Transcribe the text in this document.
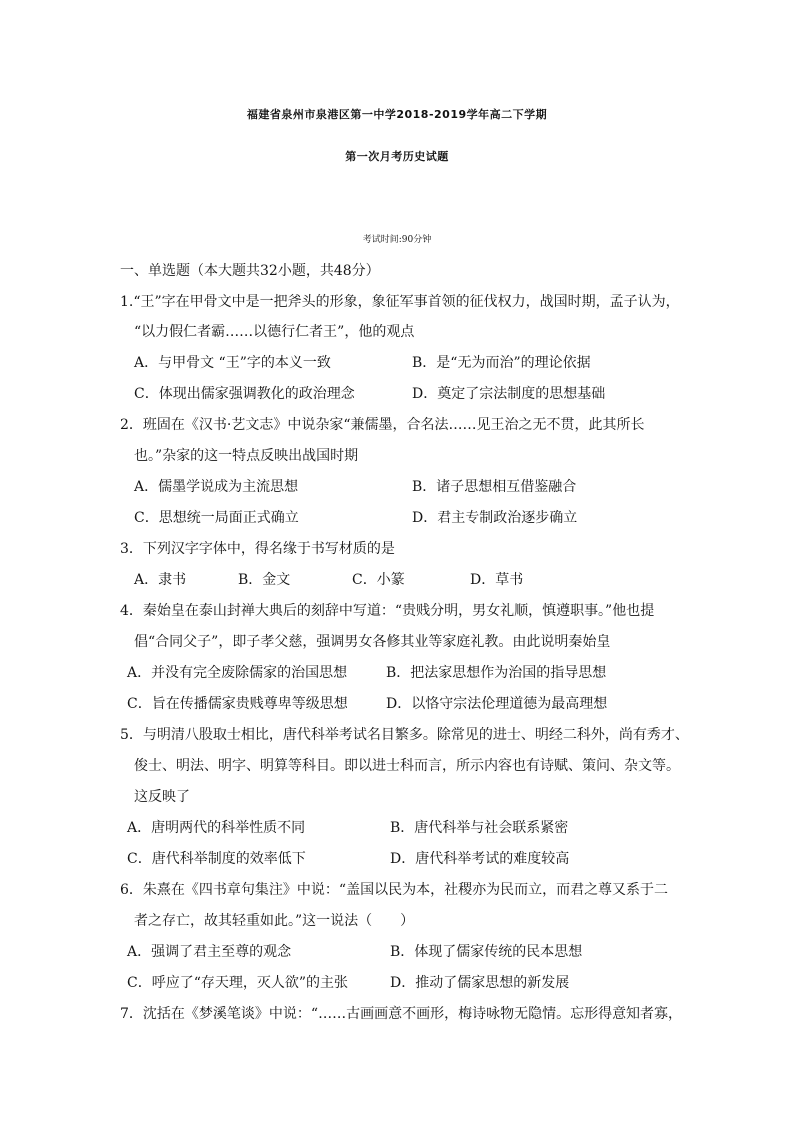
福建省泉州市泉港区第一中学2018-2019学年高二下学期
第一次月考历史试题
考试时间:90分钟
一、单选题（本大题共32小题，共48分）
1.“王”字在甲骨文中是一把斧头的形象，象征军事首领的征伐权力，战国时期，孟子认为，
“以力假仁者霸……以德行仁者王”，他的观点
A．与甲骨文 “王”字的本义一致	B．是“无为而治”的理论依据
C．体现出儒家强调教化的政治理念	D．奠定了宗法制度的思想基础
2．班固在《汉书·艺文志》中说杂家“兼儒墨，合名法……见王治之无不贯，此其所长
也。”杂家的这一特点反映出战国时期
A．儒墨学说成为主流思想	B．诸子思想相互借鉴融合
C．思想统一局面正式确立	D．君主专制政治逐步确立
3．下列汉字字体中，得名缘于书写材质的是
A．隶书	B．金文	C．小篆	D．草书
4．秦始皇在泰山封禅大典后的刻辞中写道：“贵贱分明，男女礼顺，慎遵职事。”他也提
倡“合同父子”，即子孝父慈，强调男女各修其业等家庭礼教。由此说明秦始皇
A．并没有完全废除儒家的治国思想	B．把法家思想作为治国的指导思想
C．旨在传播儒家贵贱尊卑等级思想	D．以恪守宗法伦理道德为最高理想
5．与明清八股取士相比，唐代科举考试名目繁多。除常见的进士、明经二科外，尚有秀才、
俊士、明法、明字、明算等科目。即以进士科而言，所示内容也有诗赋、策问、杂文等。
这反映了
A．唐明两代的科举性质不同	B．唐代科举与社会联系紧密
C．唐代科举制度的效率低下	D．唐代科举考试的难度较高
6．朱熹在《四书章句集注》中说：“盖国以民为本，社稷亦为民而立，而君之尊又系于二
者之存亡，故其轻重如此。”这一说法（　　）
A．强调了君主至尊的观念	B．体现了儒家传统的民本思想
C．呼应了“存天理，灭人欲”的主张	D．推动了儒家思想的新发展
7．沈括在《梦溪笔谈》中说：“……古画画意不画形，梅诗咏物无隐情。忘形得意知者寡，
